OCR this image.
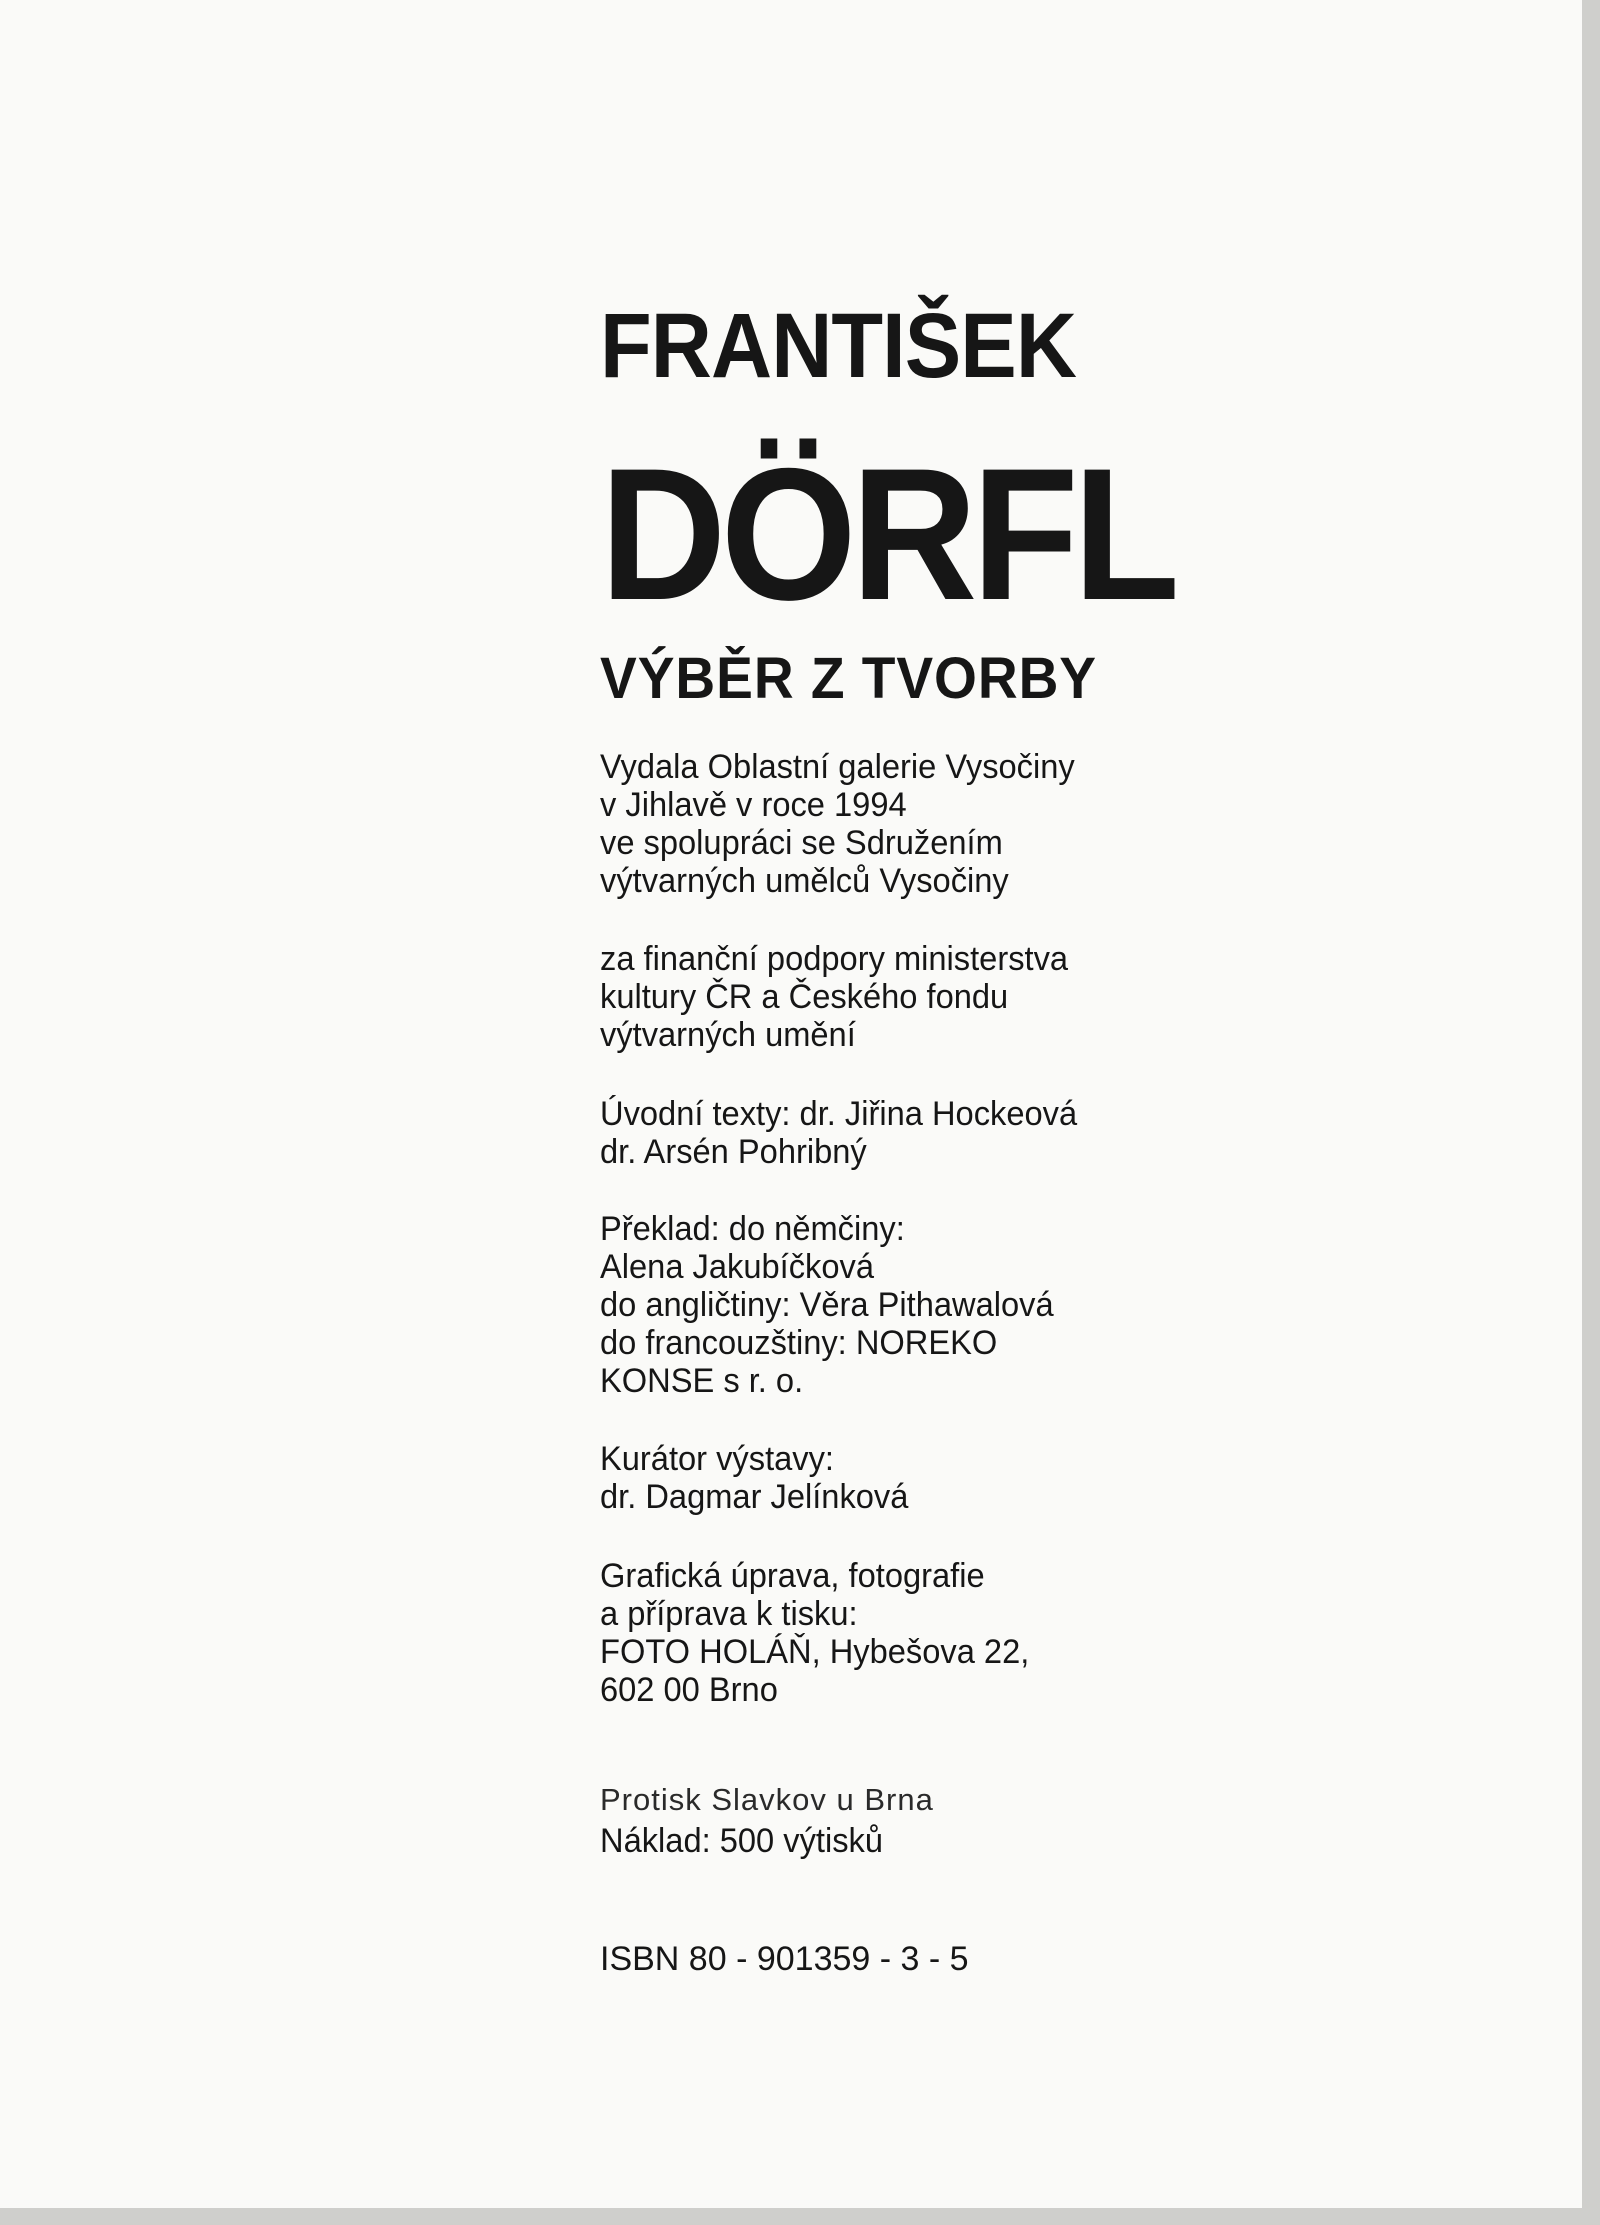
FRANTIŠEK
DÖRFL
VÝBĚR Z TVORBY
Vydala Oblastní galerie Vysočiny
v Jihlavě v roce 1994
ve spolupráci se Sdružením
výtvarných umělců Vysočiny
za finanční podpory ministerstva
kultury ČR a Českého fondu
výtvarných umění
Úvodní texty: dr. Jiřina Hockeová
dr. Arsén Pohribný
Překlad: do němčiny:
Alena Jakubíčková
do angličtiny: Věra Pithawalová
do francouzštiny: NOREKO
KONSE s r. o.
Kurátor výstavy:
dr. Dagmar Jelínková
Grafická úprava, fotografie
a příprava k tisku:
FOTO HOLÁŇ, Hybešova 22,
602 00 Brno
Protisk Slavkov u Brna
Náklad: 500 výtisků
ISBN 80 - 901359 - 3 - 5
